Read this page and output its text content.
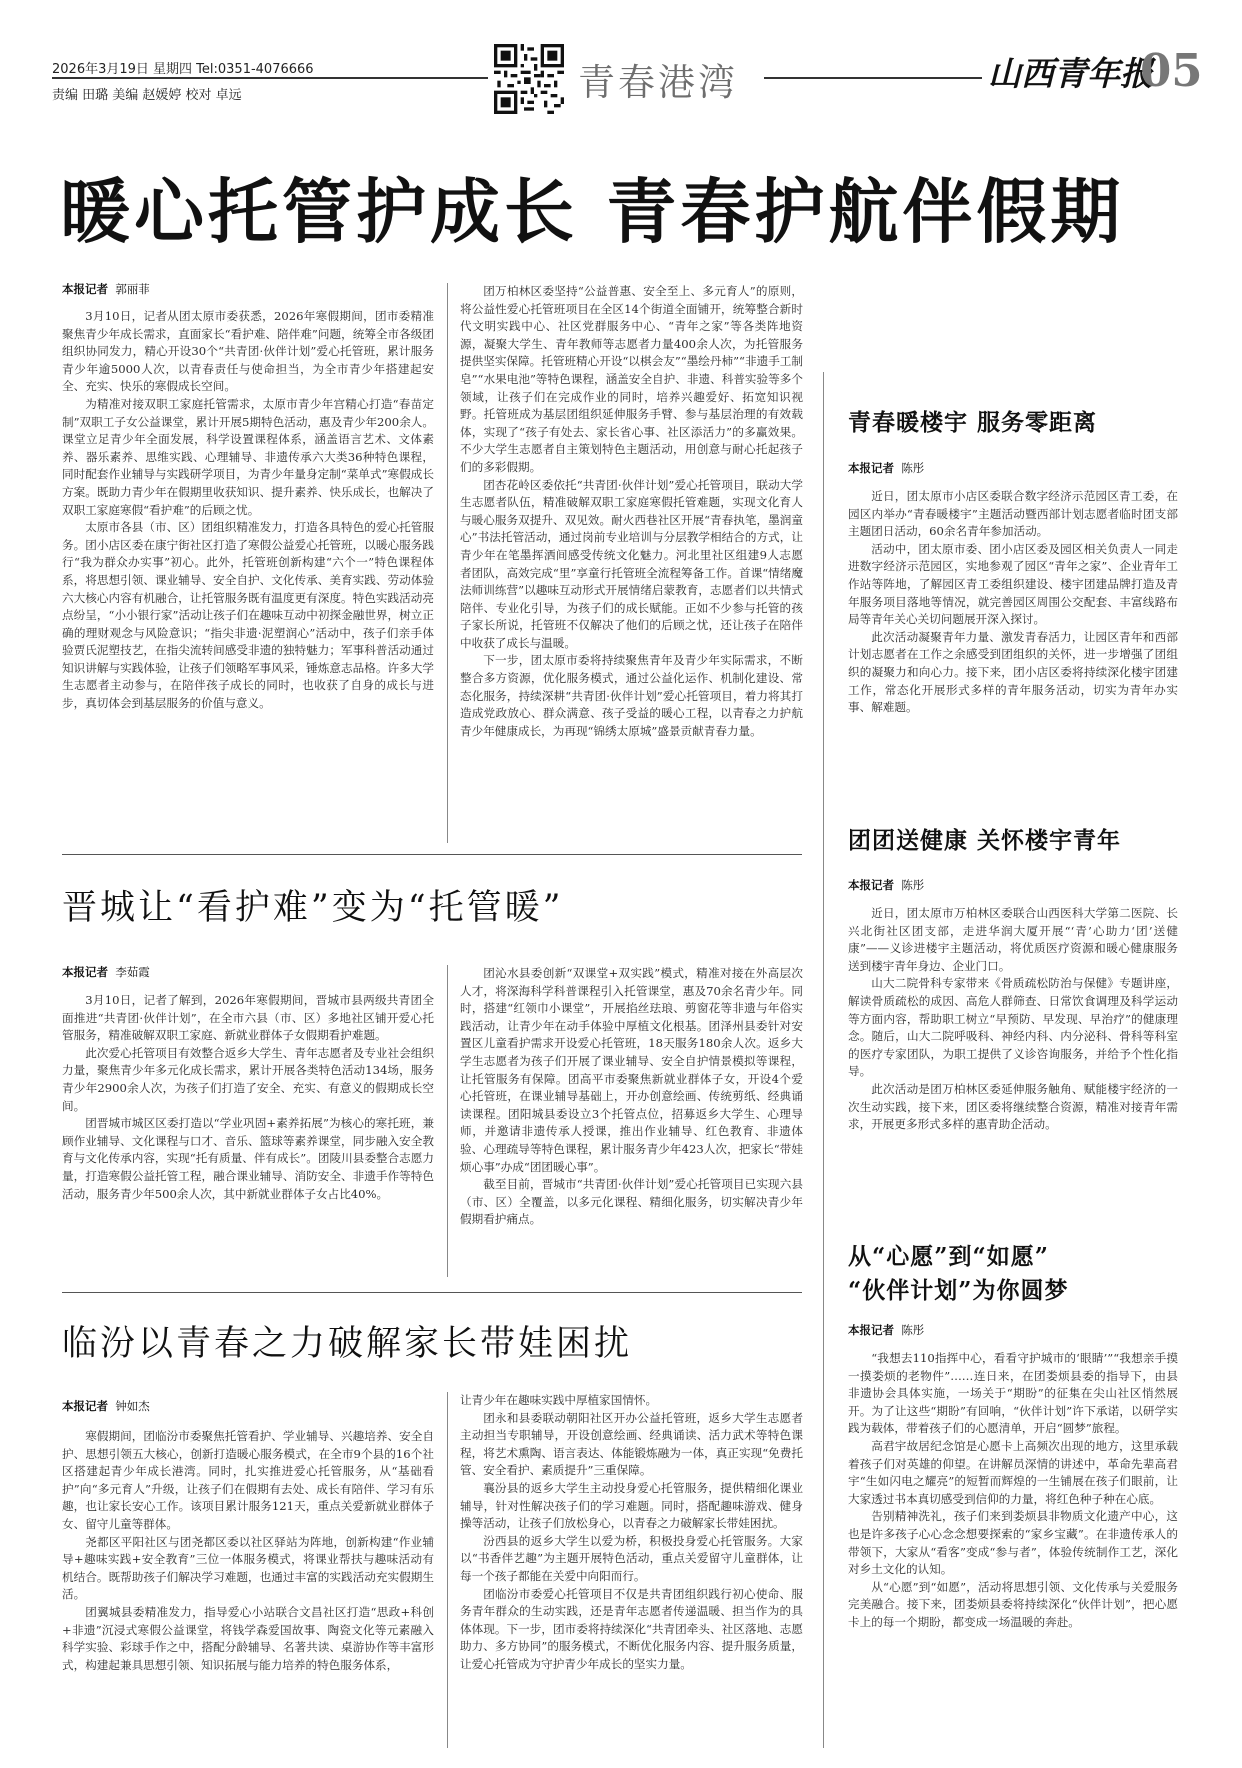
2026年3月19日 星期四 Tel:0351-4076666
责编 田璐 美编 赵媛婷 校对 卓远	青春港湾	山西青年报
05
暖心托管护成长 青春护航伴假期
本报记者 郭丽菲

3月10日，记者从团太原市委获悉，2026年寒假期间，团市委精准聚焦青少年成长需求，直面家长“看护难、陪伴难”问题，统筹全市各级团组织协同发力，精心开设30个“共青团·伙伴计划”爱心托管班，累计服务青少年逾5000人次，以青春责任与使命担当，为全市青少年搭建起安全、充实、快乐的寒假成长空间。

为精准对接双职工家庭托管需求，太原市青少年宫精心打造“春苗定制”双职工子女公益课堂，累计开展5期特色活动，惠及青少年200余人。课堂立足青少年全面发展，科学设置课程体系，涵盖语言艺术、文体素养、器乐素养、思维实践、心理辅导、非遗传承六大类36种特色课程，同时配套作业辅导与实践研学项目，为青少年量身定制“菜单式”寒假成长方案。既助力青少年在假期里收获知识、提升素养、快乐成长，也解决了双职工家庭寒假“看护难”的后顾之忧。

太原市各县（市、区）团组织精准发力，打造各具特色的爱心托管服务。团小店区委在康宁街社区打造了寒假公益爱心托管班，以暖心服务践行“我为群众办实事”初心。此外，托管班创新构建“六个一”特色课程体系，将思想引领、课业辅导、安全自护、文化传承、美育实践、劳动体验六大核心内容有机融合，让托管服务既有温度更有深度。特色实践活动亮点纷呈，“小小银行家”活动让孩子们在趣味互动中初探金融世界，树立正确的理财观念与风险意识；“指尖非遗·泥塑润心”活动中，孩子们亲手体验贾氏泥塑技艺，在指尖流转间感受非遗的独特魅力；军事科普活动通过知识讲解与实践体验，让孩子们领略军事风采，锤炼意志品格。许多大学生志愿者主动参与，在陪伴孩子成长的同时，也收获了自身的成长与进步，真切体会到基层服务的价值与意义。

团万柏林区委坚持“公益普惠、安全至上、多元育人”的原则，将公益性爱心托管班项目在全区14个街道全面铺开，统筹整合新时代文明实践中心、社区党群服务中心、“青年之家”等各类阵地资源，凝聚大学生、青年教师等志愿者力量400余人次，为托管服务提供坚实保障。托管班精心开设“以棋会友”“墨绘丹柿”“非遗手工制皂”“水果电池”等特色课程，涵盖安全自护、非遗、科普实验等多个领域，让孩子们在完成作业的同时，培养兴趣爱好、拓宽知识视野。托管班成为基层团组织延伸服务手臂、参与基层治理的有效载体，实现了“孩子有处去、家长省心事、社区添活力”的多赢效果。不少大学生志愿者自主策划特色主题活动，用创意与耐心托起孩子们的多彩假期。

团杏花岭区委依托“共青团·伙伴计划”爱心托管项目，联动大学生志愿者队伍，精准破解双职工家庭寒假托管难题，实现文化育人与暖心服务双提升、双见效。耐火西巷社区开展“青春执笔，墨润童心”书法托管活动，通过岗前专业培训与分层教学相结合的方式，让青少年在笔墨挥洒间感受传统文化魅力。河北里社区组建9人志愿者团队，高效完成“里”享童行托管班全流程筹备工作。首课“情绪魔法师训练营”以趣味互动形式开展情绪启蒙教育，志愿者们以共情式陪伴、专业化引导，为孩子们的成长赋能。正如不少参与托管的孩子家长所说，托管班不仅解决了他们的后顾之忧，还让孩子在陪伴中收获了成长与温暖。

下一步，团太原市委将持续聚焦青年及青少年实际需求，不断整合多方资源，优化服务模式，通过公益化运作、机制化建设、常态化服务，持续深耕“共青团·伙伴计划”爱心托管项目，着力将其打造成党政放心、群众满意、孩子受益的暖心工程，以青春之力护航青少年健康成长，为再现“锦绣太原城”盛景贡献青春力量。

晋城让“看护难”变为“托管暖”
本报记者 李茹霞

3月10日，记者了解到，2026年寒假期间，晋城市县两级共青团全面推进“共青团·伙伴计划”，在全市六县（市、区）多地社区铺开爱心托管服务，精准破解双职工家庭、新就业群体子女假期看护难题。

此次爱心托管项目有效整合返乡大学生、青年志愿者及专业社会组织力量，聚焦青少年多元化成长需求，累计开展各类特色活动134场，服务青少年2900余人次，为孩子们打造了安全、充实、有意义的假期成长空间。

团晋城市城区区委打造以“学业巩固+素养拓展”为核心的寒托班，兼顾作业辅导、文化课程与口才、音乐、篮球等素养课堂，同步融入安全教育与文化传承内容，实现“托有质量、伴有成长”。团陵川县委整合志愿力量，打造寒假公益托管工程，融合课业辅导、消防安全、非遗手作等特色活动，服务青少年500余人次，其中新就业群体子女占比40%。

团沁水县委创新“双课堂+双实践”模式，精准对接在外高层次人才，将深海科学科普课程引入托管课堂，惠及70余名青少年。同时，搭建“红领巾小课堂”，开展掐丝珐琅、剪窗花等非遗与年俗实践活动，让青少年在动手体验中厚植文化根基。团泽州县委针对安置区儿童看护需求开设爱心托管班，18天服务180余人次。返乡大学生志愿者为孩子们开展了课业辅导、安全自护情景模拟等课程，让托管服务有保障。团高平市委聚焦新就业群体子女，开设4个爱心托管班，在课业辅导基础上，开办创意绘画、传统剪纸、经典诵读课程。团阳城县委设立3个托管点位，招募返乡大学生、心理导师，并邀请非遗传承人授课，推出作业辅导、红色教育、非遗体验、心理疏导等特色课程，累计服务青少年423人次，把家长“带娃烦心事”办成“团团暖心事”。

截至目前，晋城市“共青团·伙伴计划”爱心托管项目已实现六县（市、区）全覆盖，以多元化课程、精细化服务，切实解决青少年假期看护痛点。

临汾以青春之力破解家长带娃困扰
本报记者 钟如杰

寒假期间，团临汾市委聚焦托管看护、学业辅导、兴趣培养、安全自护、思想引领五大核心，创新打造暖心服务模式，在全市9个县的16个社区搭建起青少年成长港湾。同时，扎实推进爱心托管服务，从“基础看护”向“多元育人”升级，让孩子们在假期有去处、成长有陪伴、学习有乐趣，也让家长安心工作。该项目累计服务121天，重点关爱新就业群体子女、留守儿童等群体。

尧都区平阳社区与团尧都区委以社区驿站为阵地，创新构建“作业辅导+趣味实践+安全教育”三位一体服务模式，将课业帮扶与趣味活动有机结合。既帮助孩子们解决学习难题，也通过丰富的实践活动充实假期生活。

团翼城县委精准发力，指导爱心小站联合文昌社区打造“思政+科创+非遗”沉浸式寒假公益课堂，将钱学森爱国故事、陶瓷文化等元素融入科学实验、彩球手作之中，搭配分龄辅导、名著共读、桌游协作等丰富形式，构建起兼具思想引领、知识拓展与能力培养的特色服务体系，

让青少年在趣味实践中厚植家国情怀。

团永和县委联动朝阳社区开办公益托管班，返乡大学生志愿者主动担当专职辅导，开设创意绘画、经典诵读、活力武术等特色课程，将艺术熏陶、语言表达、体能锻炼融为一体，真正实现“免费托管、安全看护、素质提升”三重保障。

襄汾县的返乡大学生主动投身爱心托管服务，提供精细化课业辅导，针对性解决孩子们的学习难题。同时，搭配趣味游戏、健身操等活动，让孩子们放松身心，以青春之力破解家长带娃困扰。

汾西县的返乡大学生以爱为桥，积极投身爱心托管服务。大家以“书香伴艺趣”为主题开展特色活动，重点关爱留守儿童群体，让每一个孩子都能在关爱中向阳而行。

团临汾市委爱心托管项目不仅是共青团组织践行初心使命、服务青年群众的生动实践，还是青年志愿者传递温暖、担当作为的具体体现。下一步，团市委将持续深化“共青团牵头、社区落地、志愿助力、多方协同”的服务模式，不断优化服务内容、提升服务质量，让爱心托管成为守护青少年成长的坚实力量。

青春暖楼宇 服务零距离
本报记者 陈彤

近日，团太原市小店区委联合数字经济示范园区青工委，在园区内举办“青春暖楼宇”主题活动暨西部计划志愿者临时团支部主题团日活动，60余名青年参加活动。

活动中，团太原市委、团小店区委及园区相关负责人一同走进数字经济示范园区，实地参观了园区“青年之家”、企业青年工作站等阵地，了解园区青工委组织建设、楼宇团建品牌打造及青年服务项目落地等情况，就完善园区周围公交配套、丰富线路布局等青年关心关切问题展开深入探讨。

此次活动凝聚青年力量、激发青春活力，让园区青年和西部计划志愿者在工作之余感受到团组织的关怀，进一步增强了团组织的凝聚力和向心力。接下来，团小店区委将持续深化楼宇团建工作，常态化开展形式多样的青年服务活动，切实为青年办实事、解难题。

团团送健康 关怀楼宇青年
本报记者 陈彤

近日，团太原市万柏林区委联合山西医科大学第二医院、长兴北街社区团支部，走进华润大厦开展“‘青’心助力‘团’送健康”——义诊进楼宇主题活动，将优质医疗资源和暖心健康服务送到楼宇青年身边、企业门口。

山大二院骨科专家带来《骨质疏松防治与保健》专题讲座，解读骨质疏松的成因、高危人群筛查、日常饮食调理及科学运动等方面内容，帮助职工树立“早预防、早发现、早治疗”的健康理念。随后，山大二院呼吸科、神经内科、内分泌科、骨科等科室的医疗专家团队，为职工提供了义诊咨询服务，并给予个性化指导。

此次活动是团万柏林区委延伸服务触角、赋能楼宇经济的一次生动实践，接下来，团区委将继续整合资源，精准对接青年需求，开展更多形式多样的惠青助企活动。

从“心愿”到“如愿”
“伙伴计划”为你圆梦
本报记者 陈彤

“我想去110指挥中心，看看守护城市的‘眼睛’”“我想亲手摸一摸娄烦的老物件”……连日来，在团娄烦县委的指导下，由县非遗协会具体实施，一场关于“期盼”的征集在尖山社区悄然展开。为了让这些“期盼”有回响，“伙伴计划”许下承诺，以研学实践为载体，带着孩子们的心愿清单，开启“圆梦”旅程。

高君宇故居纪念馆是心愿卡上高频次出现的地方，这里承载着孩子们对英雄的仰望。在讲解员深情的讲述中，革命先辈高君宇“生如闪电之耀亮”的短暂而辉煌的一生铺展在孩子们眼前，让大家透过书本真切感受到信仰的力量，将红色种子种在心底。

告别精神洗礼，孩子们来到娄烦县非物质文化遗产中心，这也是许多孩子心心念念想要探索的“家乡宝藏”。在非遗传承人的带领下，大家从“看客”变成“参与者”，体验传统制作工艺，深化对乡土文化的认知。

从“心愿”到“如愿”，活动将思想引领、文化传承与关爱服务完美融合。接下来，团娄烦县委将持续深化“伙伴计划”，把心愿卡上的每一个期盼，都变成一场温暖的奔赴。
